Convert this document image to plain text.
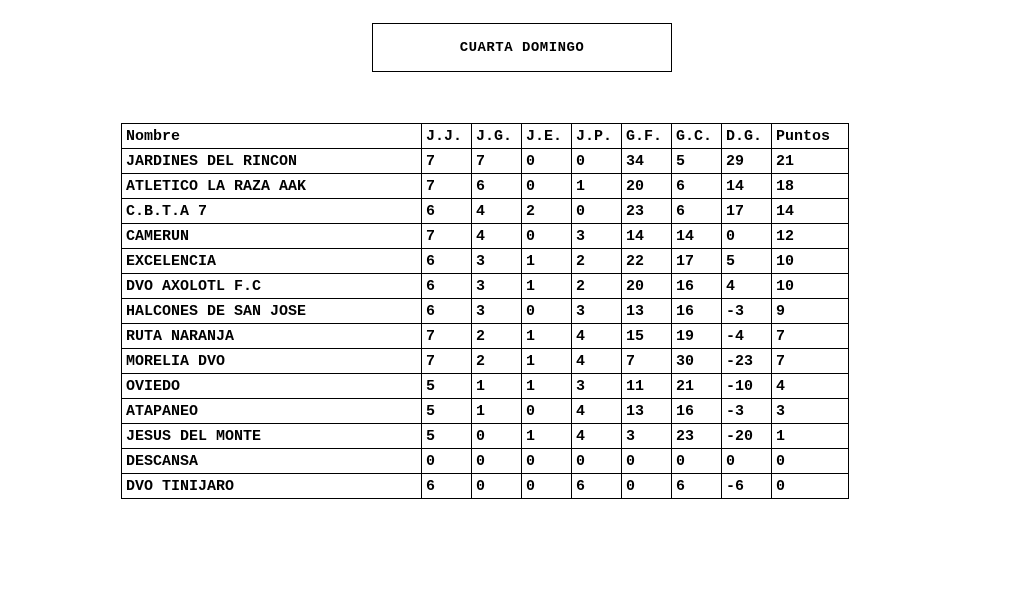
CUARTA DOMINGO
Nombre	J.J.	J.G.	J.E.	J.P.	G.F.	G.C.	D.G.	Puntos
JARDINES DEL RINCON	7	7	0	0	34	5	29	21
ATLETICO LA RAZA AAK	7	6	0	1	20	6	14	18
C.B.T.A 7	6	4	2	0	23	6	17	14
CAMERUN	7	4	0	3	14	14	0	12
EXCELENCIA	6	3	1	2	22	17	5	10
DVO AXOLOTL F.C	6	3	1	2	20	16	4	10
HALCONES DE SAN JOSE	6	3	0	3	13	16	-3	9
RUTA NARANJA	7	2	1	4	15	19	-4	7
MORELIA DVO	7	2	1	4	7	30	-23	7
OVIEDO	5	1	1	3	11	21	-10	4
ATAPANEO	5	1	0	4	13	16	-3	3
JESUS DEL MONTE	5	0	1	4	3	23	-20	1
DESCANSA	0	0	0	0	0	0	0	0
DVO TINIJARO	6	0	0	6	0	6	-6	0
